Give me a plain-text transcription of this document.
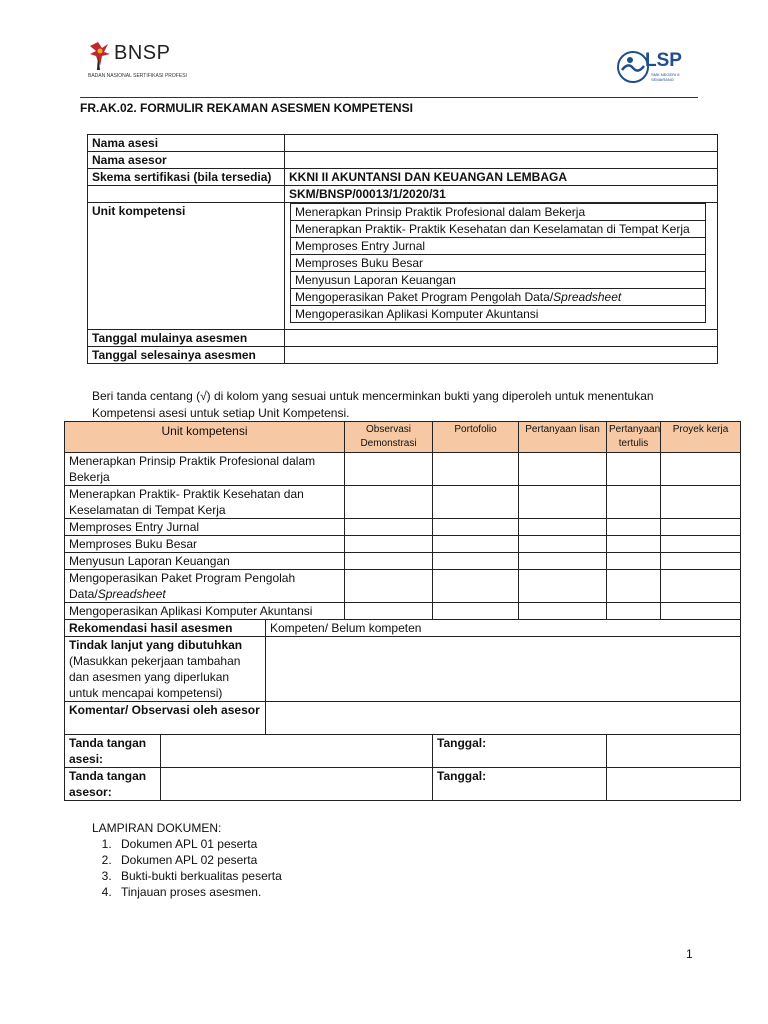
BNSP
BADAN NASIONAL SERTIFIKASI PROFESI
LSP
SMK NEGERI 8
SEMARANG
FR.AK.02. FORMULIR REKAMAN ASESMEN KOMPETENSI
Nama asesi	
Nama asesor	
Skema sertifikasi (bila tersedia)	KKNI II AKUNTANSI DAN KEUANGAN LEMBAGA
	SKM/BNSP/00013/1/2020/31
Unit kompetensi		Menerapkan Prinsip Praktik Profesional dalam Bekerja
Menerapkan Praktik- Praktik Kesehatan dan Keselamatan di Tempat Kerja
Memproses Entry Jurnal
Memproses Buku Besar
Menyusun Laporan Keuangan
Mengoperasikan Paket Program Pengolah Data/Spreadsheet
Mengoperasikan Aplikasi Komputer Akuntansi

Tanggal mulainya asesmen	
Tanggal selesainya asesmen	
Beri tanda centang (√) di kolom yang sesuai untuk mencerminkan bukti yang diperoleh untuk menentukan Kompetensi asesi untuk setiap Unit Kompetensi.
Unit kompetensi			Observasi Demonstrasi	Portofolio	Pertanyaan lisan	Pertanyaan tertulis	Proyek kerja
Menerapkan Prinsip Praktik Profesional dalam Bekerja							
Menerapkan Praktik- Praktik Kesehatan dan Keselamatan di Tempat Kerja							
Memproses Entry Jurnal							
Memproses Buku Besar							
Menyusun Laporan Keuangan							
Mengoperasikan Paket Program Pengolah Data/Spreadsheet							
Mengoperasikan Aplikasi Komputer Akuntansi							
Rekomendasi hasil asesmen		Kompeten/ Belum kompeten					

Tindak lanjut yang dibutuhkan
(Masukkan pekerjaan tambahan dan asesmen yang diperlukan untuk mencapai kompetensi)							

Komentar/ Observasi oleh asesor							
Tanda tangan asesi:				Tanggal:			
Tanda tangan asesor:				Tanggal:			
LAMPIRAN DOKUMEN:
1. Dokumen APL 01 peserta
2. Dokumen APL 02 peserta
3. Bukti-bukti berkualitas peserta
4. Tinjauan proses asesmen.
1
